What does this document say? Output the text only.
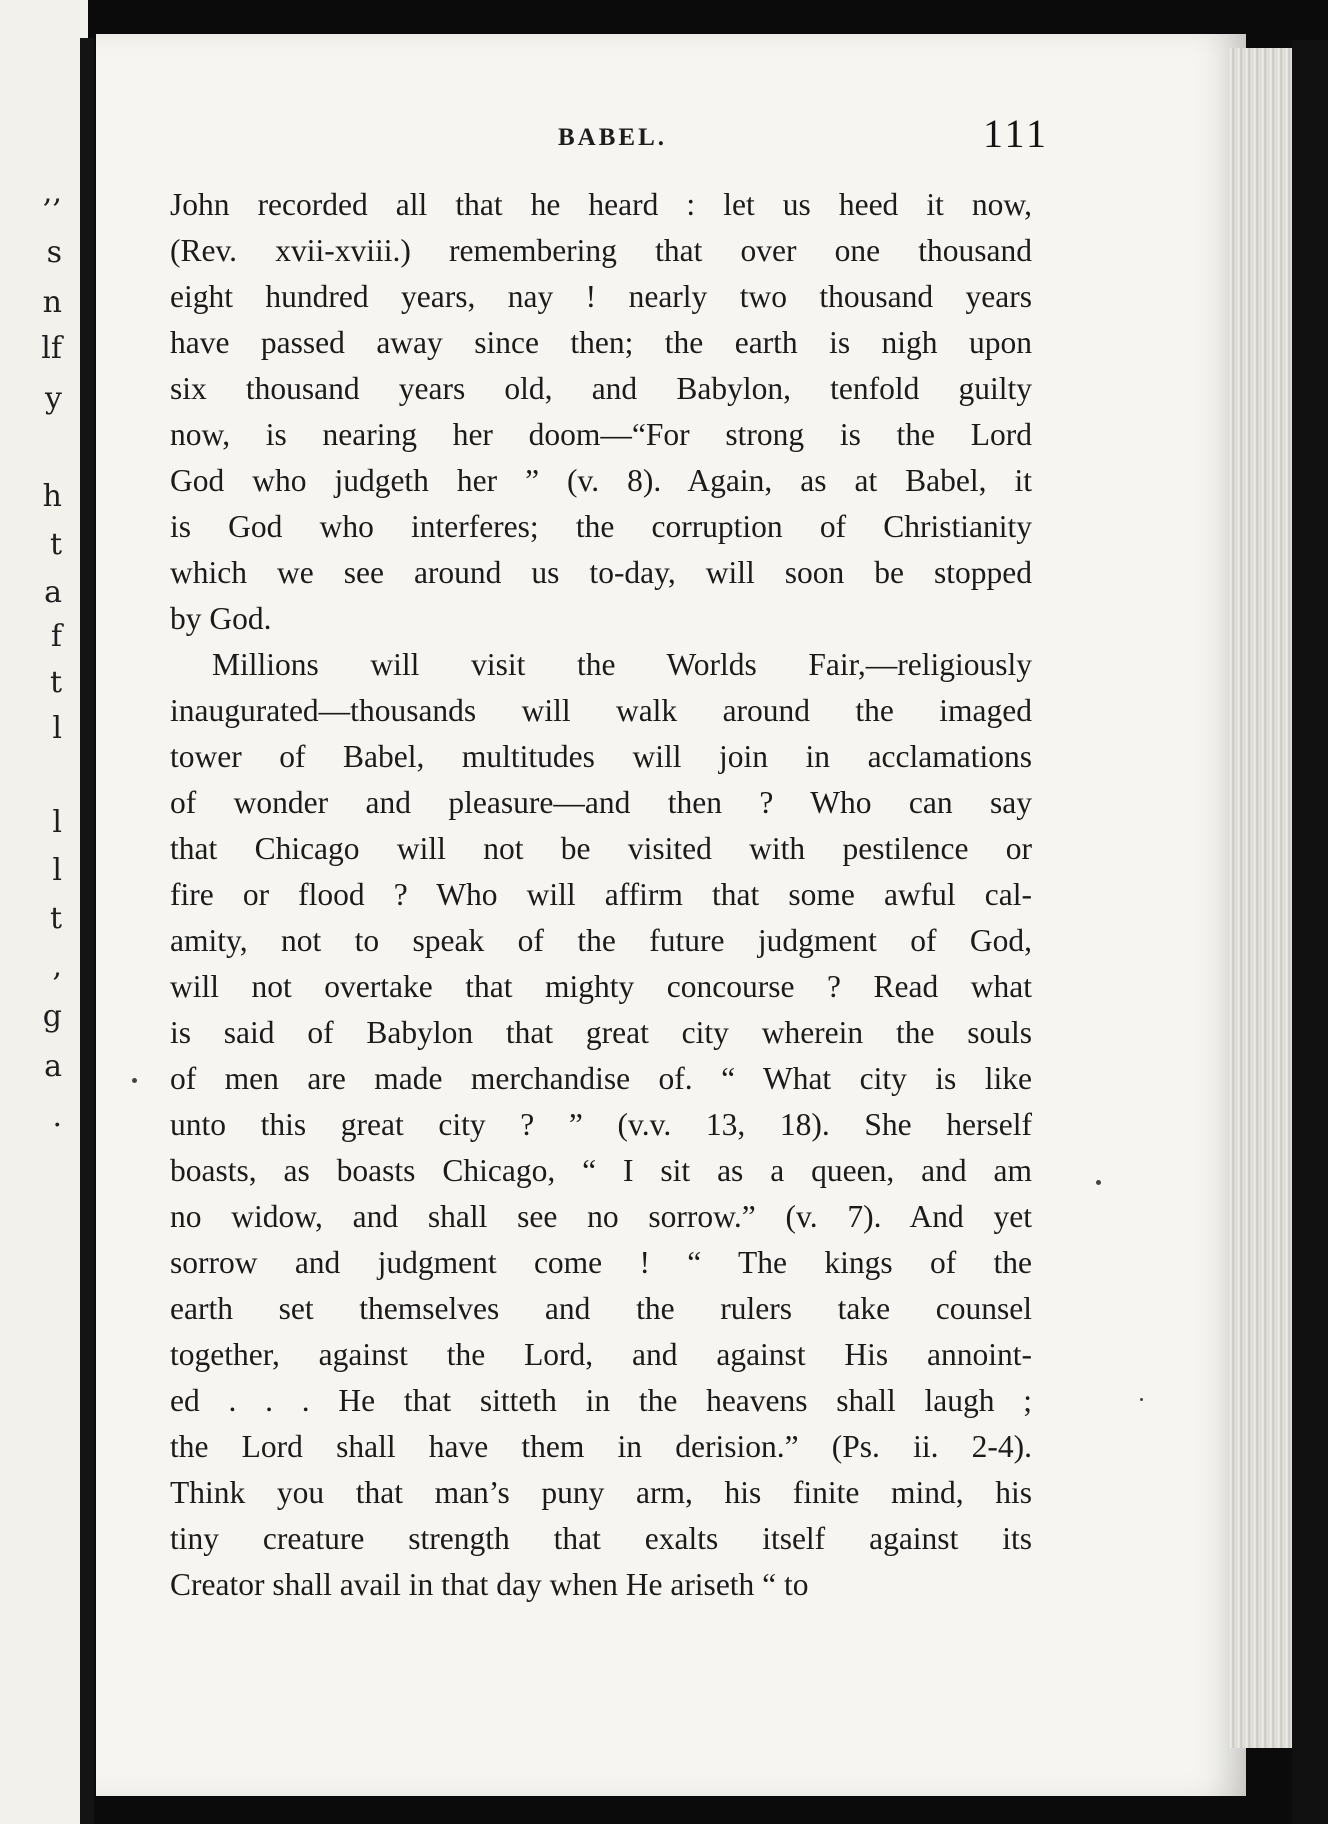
,,
s
n
lf
y
h
t
a
f
t
l
l
l
t
,
g
a
.
BABEL.	111
John recorded all that he heard : let us heed it now,
(Rev. xvii-xviii.) remembering that over one thousand
eight hundred years, nay ! nearly two thousand years
have passed away since then; the earth is nigh upon
six thousand years old, and Babylon, tenfold guilty
now, is nearing her doom—“For strong is the Lord
God who judgeth her ” (v. 8). Again, as at Babel, it
is God who interferes; the corruption of Christianity
which we see around us to-day, will soon be stopped
by God.
Millions will visit the Worlds Fair,—religiously
inaugurated—thousands will walk around the imaged
tower of Babel, multitudes will join in acclamations
of wonder and pleasure—and then ? Who can say
that Chicago will not be visited with pestilence or
fire or flood ? Who will affirm that some awful cal-
amity, not to speak of the future judgment of God,
will not overtake that mighty concourse ? Read what
is said of Babylon that great city wherein the souls
of men are made merchandise of. “ What city is like
unto this great city ? ” (v.v. 13, 18). She herself
boasts, as boasts Chicago, “ I sit as a queen, and am
no widow, and shall see no sorrow.” (v. 7). And yet
sorrow and judgment come ! “ The kings of the
earth set themselves and the rulers take counsel
together, against the Lord, and against His annoint-
ed . . . He that sitteth in the heavens shall laugh ;
the Lord shall have them in derision.” (Ps. ii. 2-4).
Think you that man’s puny arm, his finite mind, his
tiny creature strength that exalts itself against its
Creator shall avail in that day when He ariseth “ to
